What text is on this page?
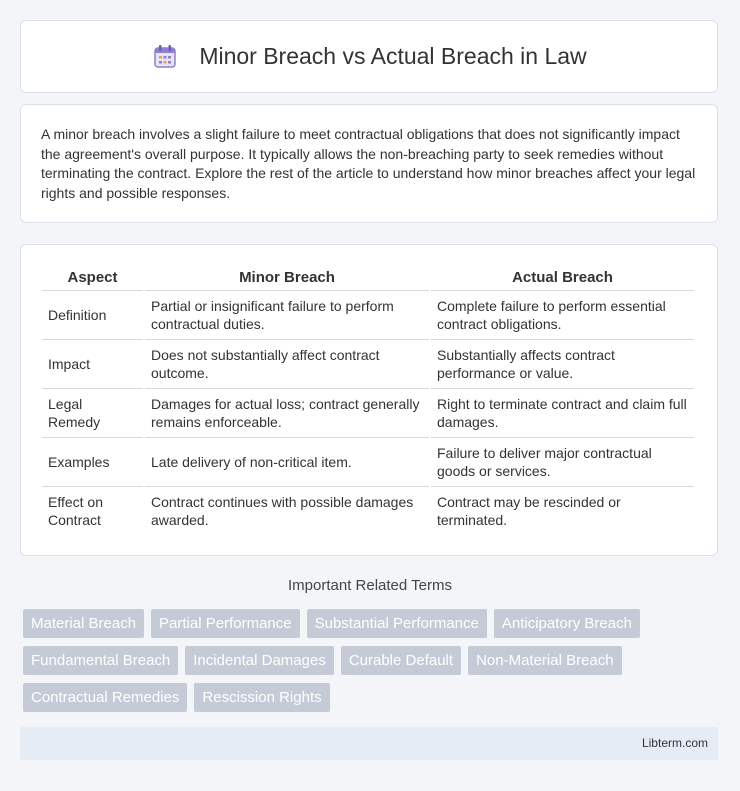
Minor Breach vs Actual Breach in Law

A minor breach involves a slight failure to meet contractual obligations that does not significantly impact the agreement's overall purpose. It typically allows the non-breaching party to seek remedies without terminating the contract. Explore the rest of the article to understand how minor breaches affect your legal rights and possible responses.

Aspect	Minor Breach	Actual Breach
Definition	Partial or insignificant failure to perform contractual duties.	Complete failure to perform essential contract obligations.
Impact	Does not substantially affect contract outcome.	Substantially affects contract performance or value.
Legal Remedy	Damages for actual loss; contract generally remains enforceable.	Right to terminate contract and claim full damages.
Examples	Late delivery of non-critical item.	Failure to deliver major contractual goods or services.
Effect on Contract	Contract continues with possible damages awarded.	Contract may be rescinded or terminated.
Important Related Terms
Material Breach	Partial Performance	Substantial Performance	Anticipatory Breach
Fundamental Breach	Incidental Damages	Curable Default	Non-Material Breach
Contractual Remedies	Rescission Rights
Libterm.com
